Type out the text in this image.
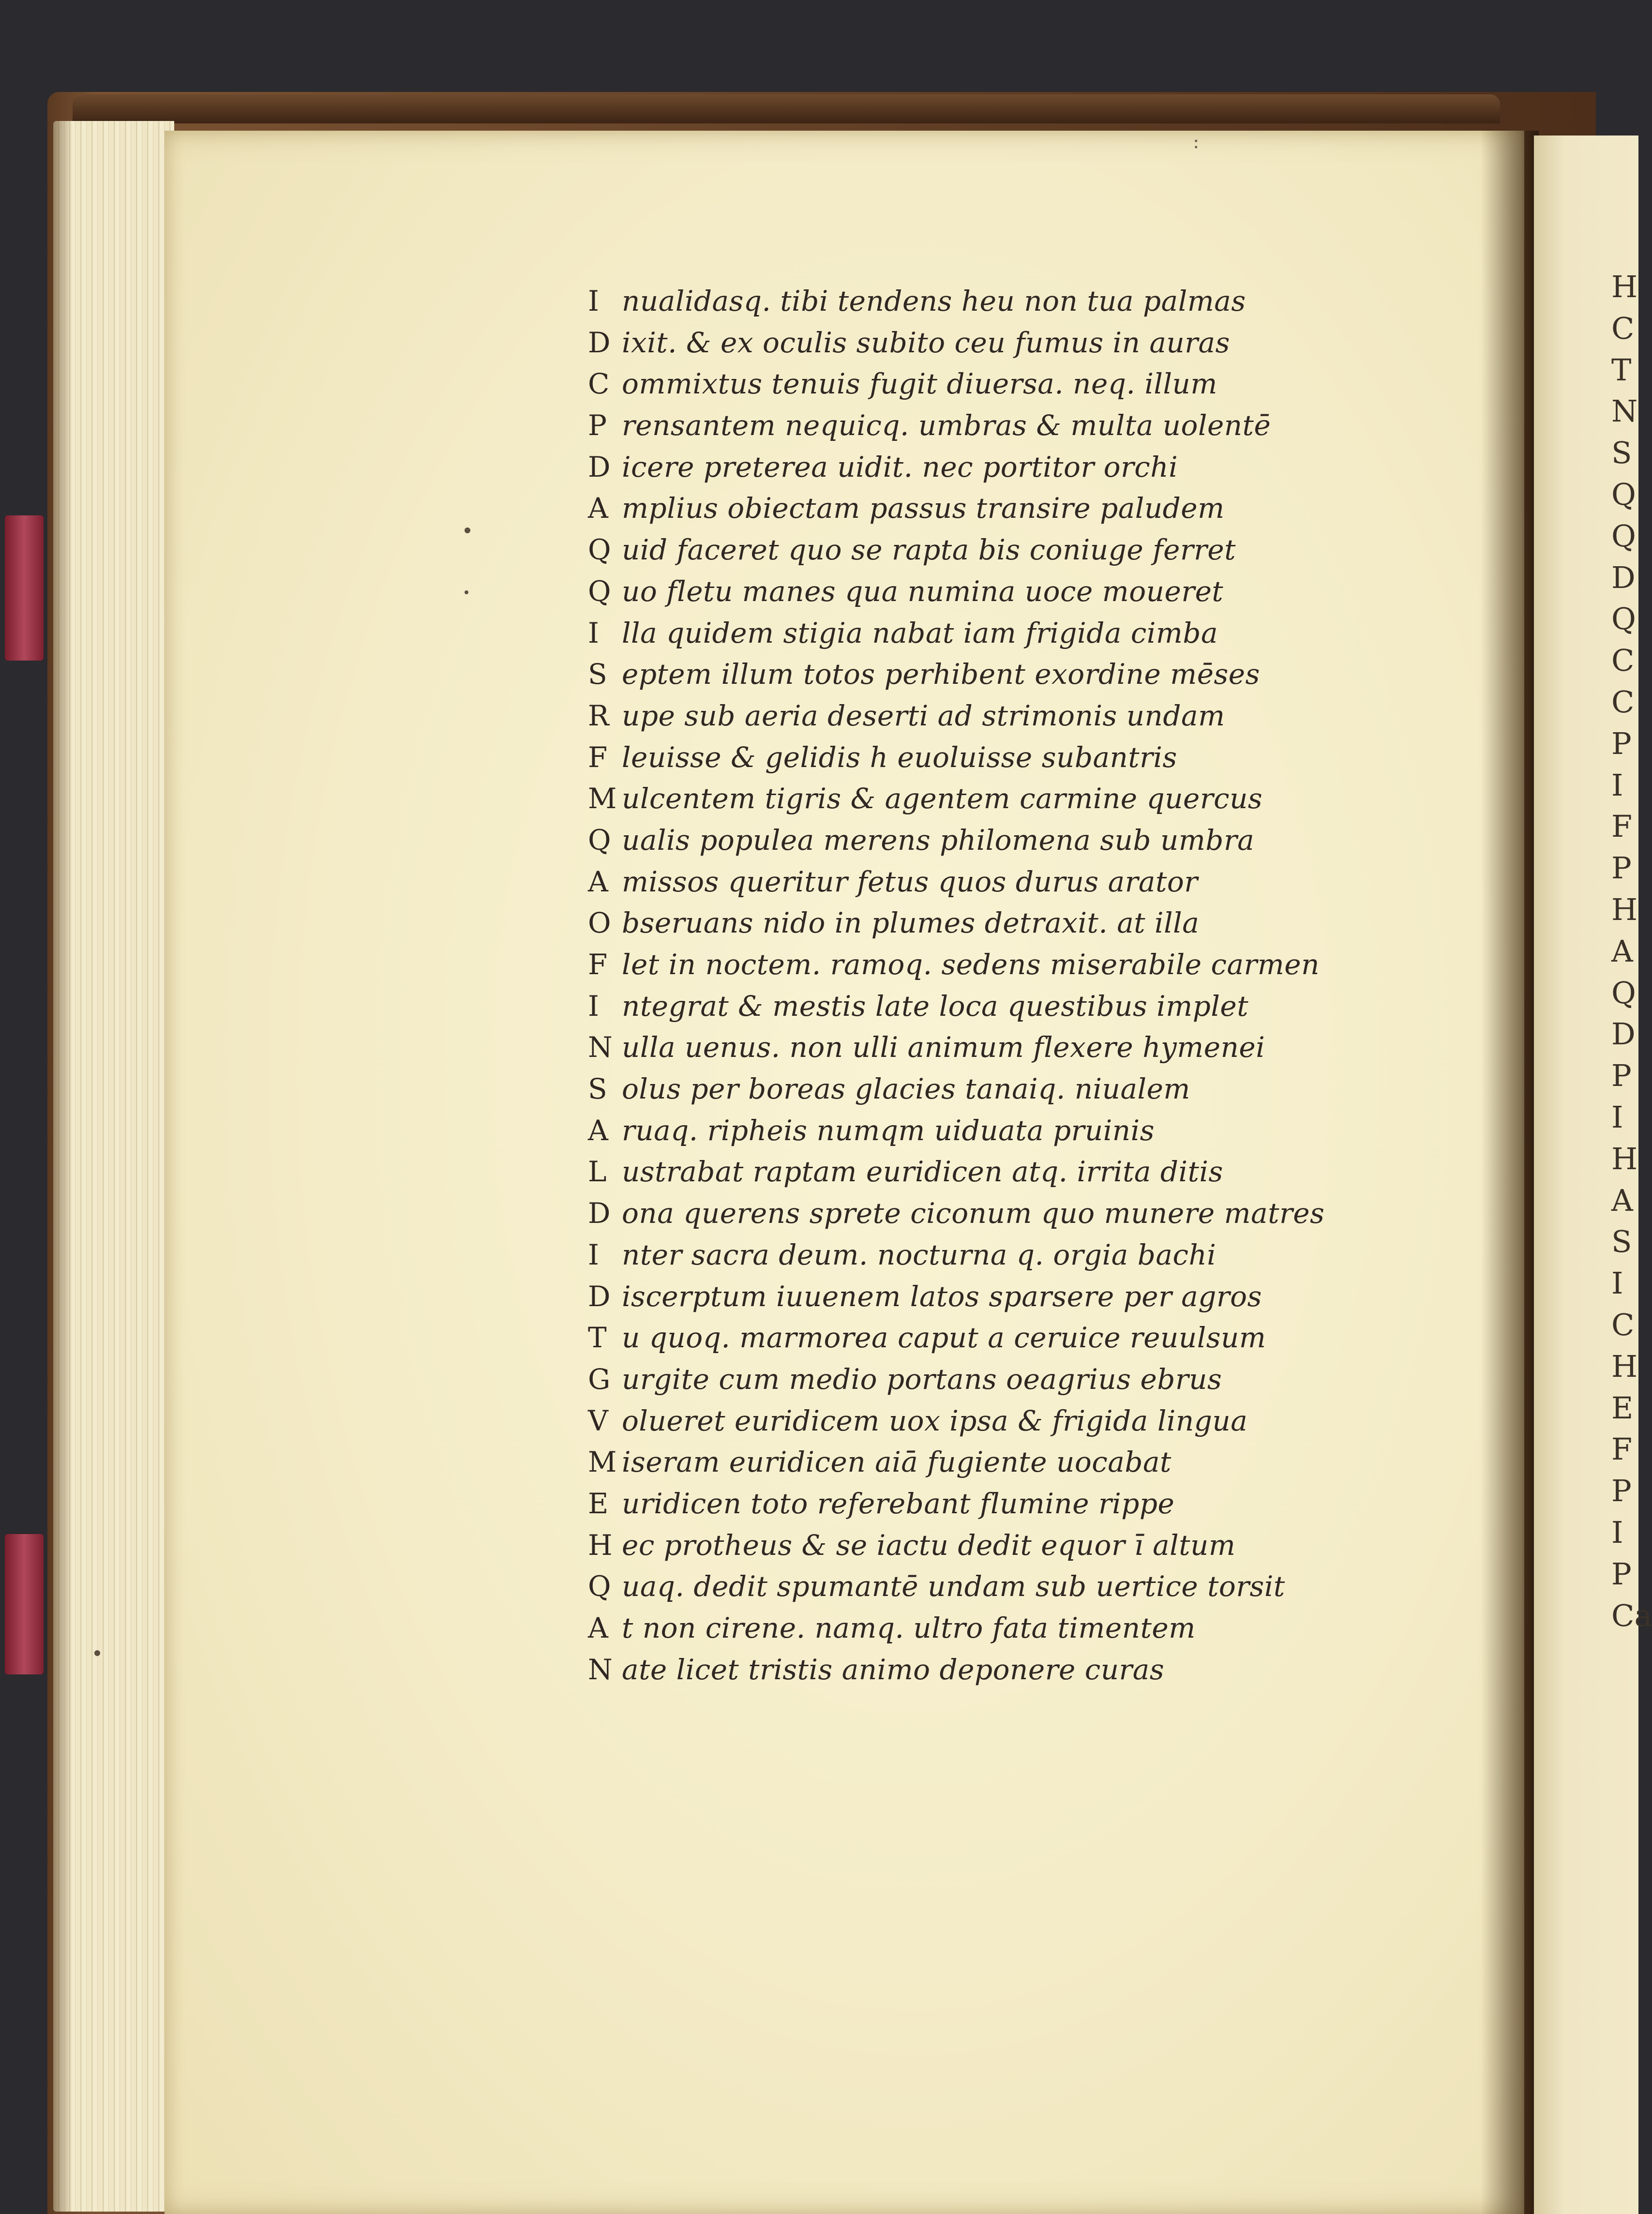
:
I nualidasq. tibi tendens heu non tua palmas
D ixit. & ex oculis subito ceu fumus in auras
C ommixtus tenuis fugit diuersa. neq. illum
P rensantem nequicq. umbras & multa uolentē
D icere preterea uidit. nec portitor orchi
A mplius obiectam passus transire paludem
Q uid faceret quo se rapta bis coniuge ferret
Q uo fletu manes qua numina uoce moueret
I lla quidem stigia nabat iam frigida cimba
S eptem illum totos perhibent exordine mēses
R upe sub aeria deserti ad strimonis undam
F leuisse & gelidis h euoluisse subantris
M ulcentem tigris & agentem carmine quercus
Q ualis populea merens philomena sub umbra
A missos queritur fetus quos durus arator
O bseruans nido in plumes detraxit. at illa
F let in noctem. ramoq. sedens miserabile carmen
I ntegrat & mestis late loca questibus implet
N ulla uenus. non ulli animum flexere hymenei
S olus per boreas glacies tanaiq. niualem
A ruaq. ripheis numqm uiduata pruinis
L ustrabat raptam euridicen atq. irrita ditis
D ona querens sprete ciconum quo munere matres
I nter sacra deum. nocturna q. orgia bachi
D iscerptum iuuenem latos sparsere per agros
T u quoq. marmorea caput a ceruice reuulsum
G urgite cum medio portans oeagrius ebrus
V olueret euridicem uox ipsa & frigida lingua
M iseram euridicen aiā fugiente uocabat
E uridicen toto referebant flumine rippe
H ec protheus & se iactu dedit equor ī altum
Q uaq. dedit spumantē undam sub uertice torsit
A t non cirene. namq. ultro fata timentem
N ate licet tristis animo deponere curas
H
C
T
N
S
Q
Q
D
Q
C
C
P
I
F
P
H
A
Q
D
P
I
H
A
S
I
C
H
E
F
P
I
P
Ca
